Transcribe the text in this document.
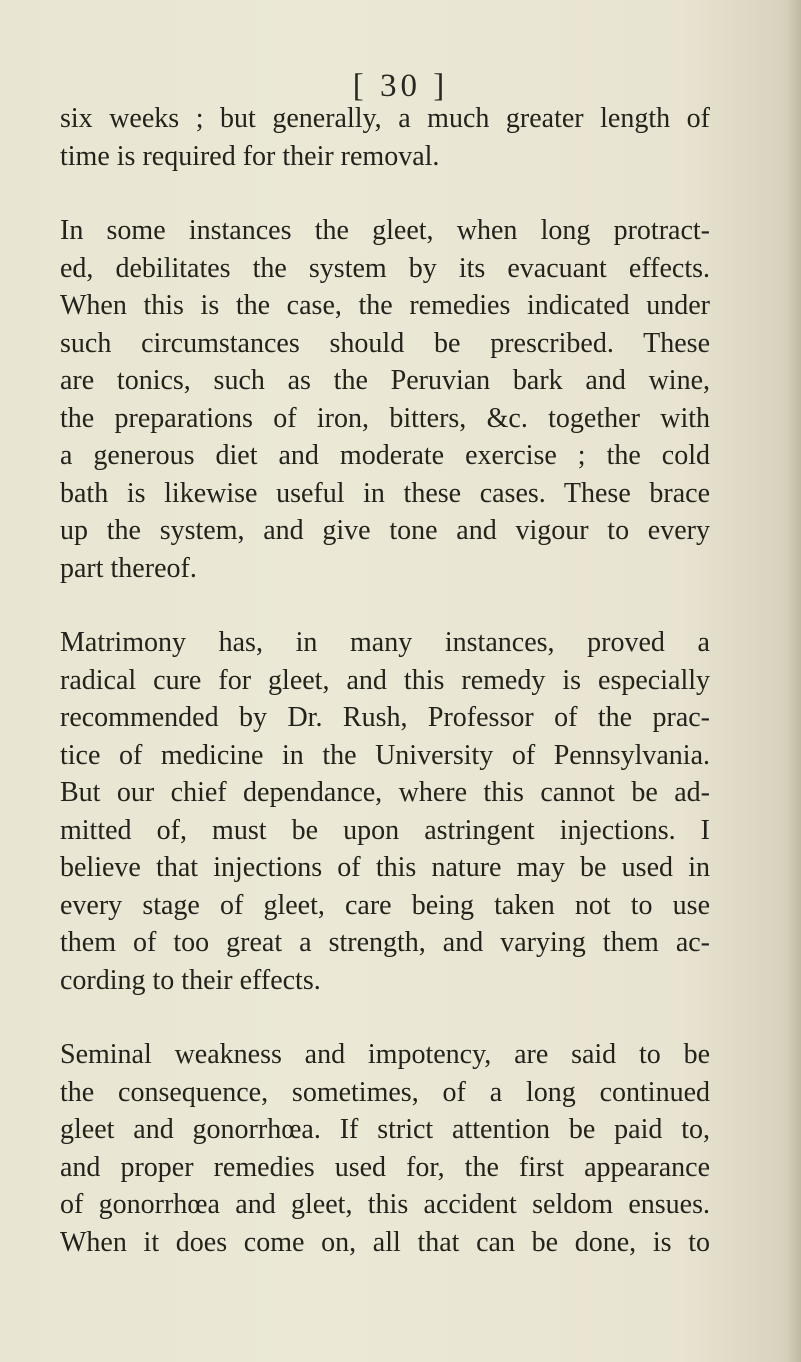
[ 30 ]
six weeks ; but generally, a much greater length of
time is required for their removal.
In some instances the gleet, when long protract-
ed, debilitates the system by its evacuant effects.
When this is the case, the remedies indicated under
such circumstances should be prescribed. These
are tonics, such as the Peruvian bark and wine,
the preparations of iron, bitters, &c. together with
a generous diet and moderate exercise ; the cold
bath is likewise useful in these cases. These brace
up the system, and give tone and vigour to every
part thereof.
Matrimony has, in many instances, proved a
radical cure for gleet, and this remedy is especially
recommended by Dr. Rush, Professor of the prac-
tice of medicine in the University of Pennsylvania.
But our chief dependance, where this cannot be ad-
mitted of, must be upon astringent injections. I
believe that injections of this nature may be used in
every stage of gleet, care being taken not to use
them of too great a strength, and varying them ac-
cording to their effects.
Seminal weakness and impotency, are said to be
the consequence, sometimes, of a long continued
gleet and gonorrhœa. If strict attention be paid to,
and proper remedies used for, the first appearance
of gonorrhœa and gleet, this accident seldom ensues.
When it does come on, all that can be done, is to
